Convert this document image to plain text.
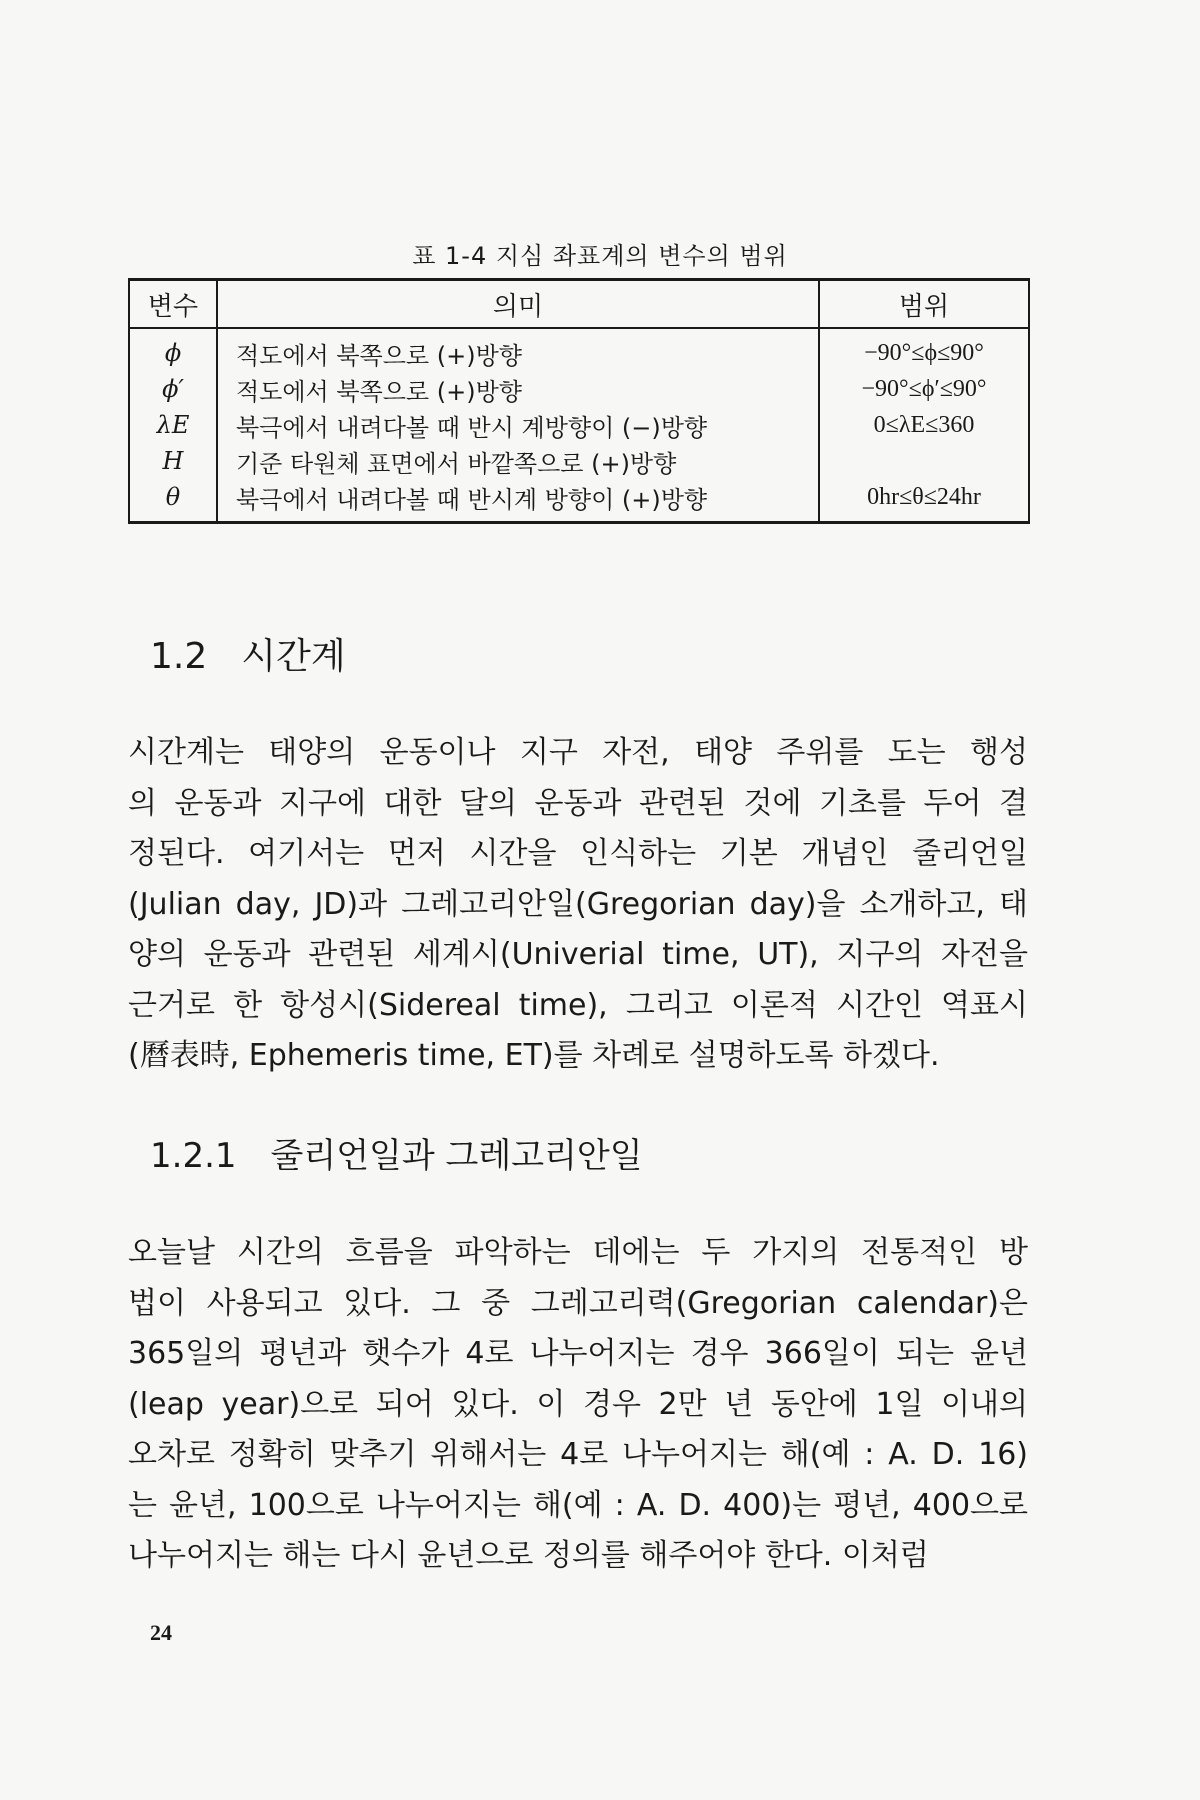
표 1-4 지심 좌표계의 변수의 범위
변수	의미	범위
ϕ	적도에서 북쪽으로 (+)방향	−90°≤ϕ≤90°
ϕ′	적도에서 북쪽으로 (+)방향	−90°≤ϕ′≤90°
λE	북극에서 내려다볼 때 반시 계방향이 (−)방향	0≤λE≤360
H	기준 타원체 표면에서 바깥쪽으로 (+)방향	
θ	북극에서 내려다볼 때 반시계 방향이 (+)방향	0hr≤θ≤24hr
1.2 시간계
시간계는 태양의 운동이나 지구 자전, 태양 주위를 도는 행성
의 운동과 지구에 대한 달의 운동과 관련된 것에 기초를 두어 결
정된다. 여기서는 먼저 시간을 인식하는 기본 개념인 줄리언일
(Julian day, JD)과 그레고리안일(Gregorian day)을 소개하고, 태
양의 운동과 관련된 세계시(Univerial time, UT), 지구의 자전을
근거로 한 항성시(Sidereal time), 그리고 이론적 시간인 역표시
(曆表時, Ephemeris time, ET)를 차례로 설명하도록 하겠다.
1.2.1 줄리언일과 그레고리안일
오늘날 시간의 흐름을 파악하는 데에는 두 가지의 전통적인 방
법이 사용되고 있다. 그 중 그레고리력(Gregorian calendar)은
365일의 평년과 햇수가 4로 나누어지는 경우 366일이 되는 윤년
(leap year)으로 되어 있다. 이 경우 2만 년 동안에 1일 이내의
오차로 정확히 맞추기 위해서는 4로 나누어지는 해(예 : A. D. 16)
는 윤년, 100으로 나누어지는 해(예 : A. D. 400)는 평년, 400으로
나누어지는 해는 다시 윤년으로 정의를 해주어야 한다. 이처럼
24
